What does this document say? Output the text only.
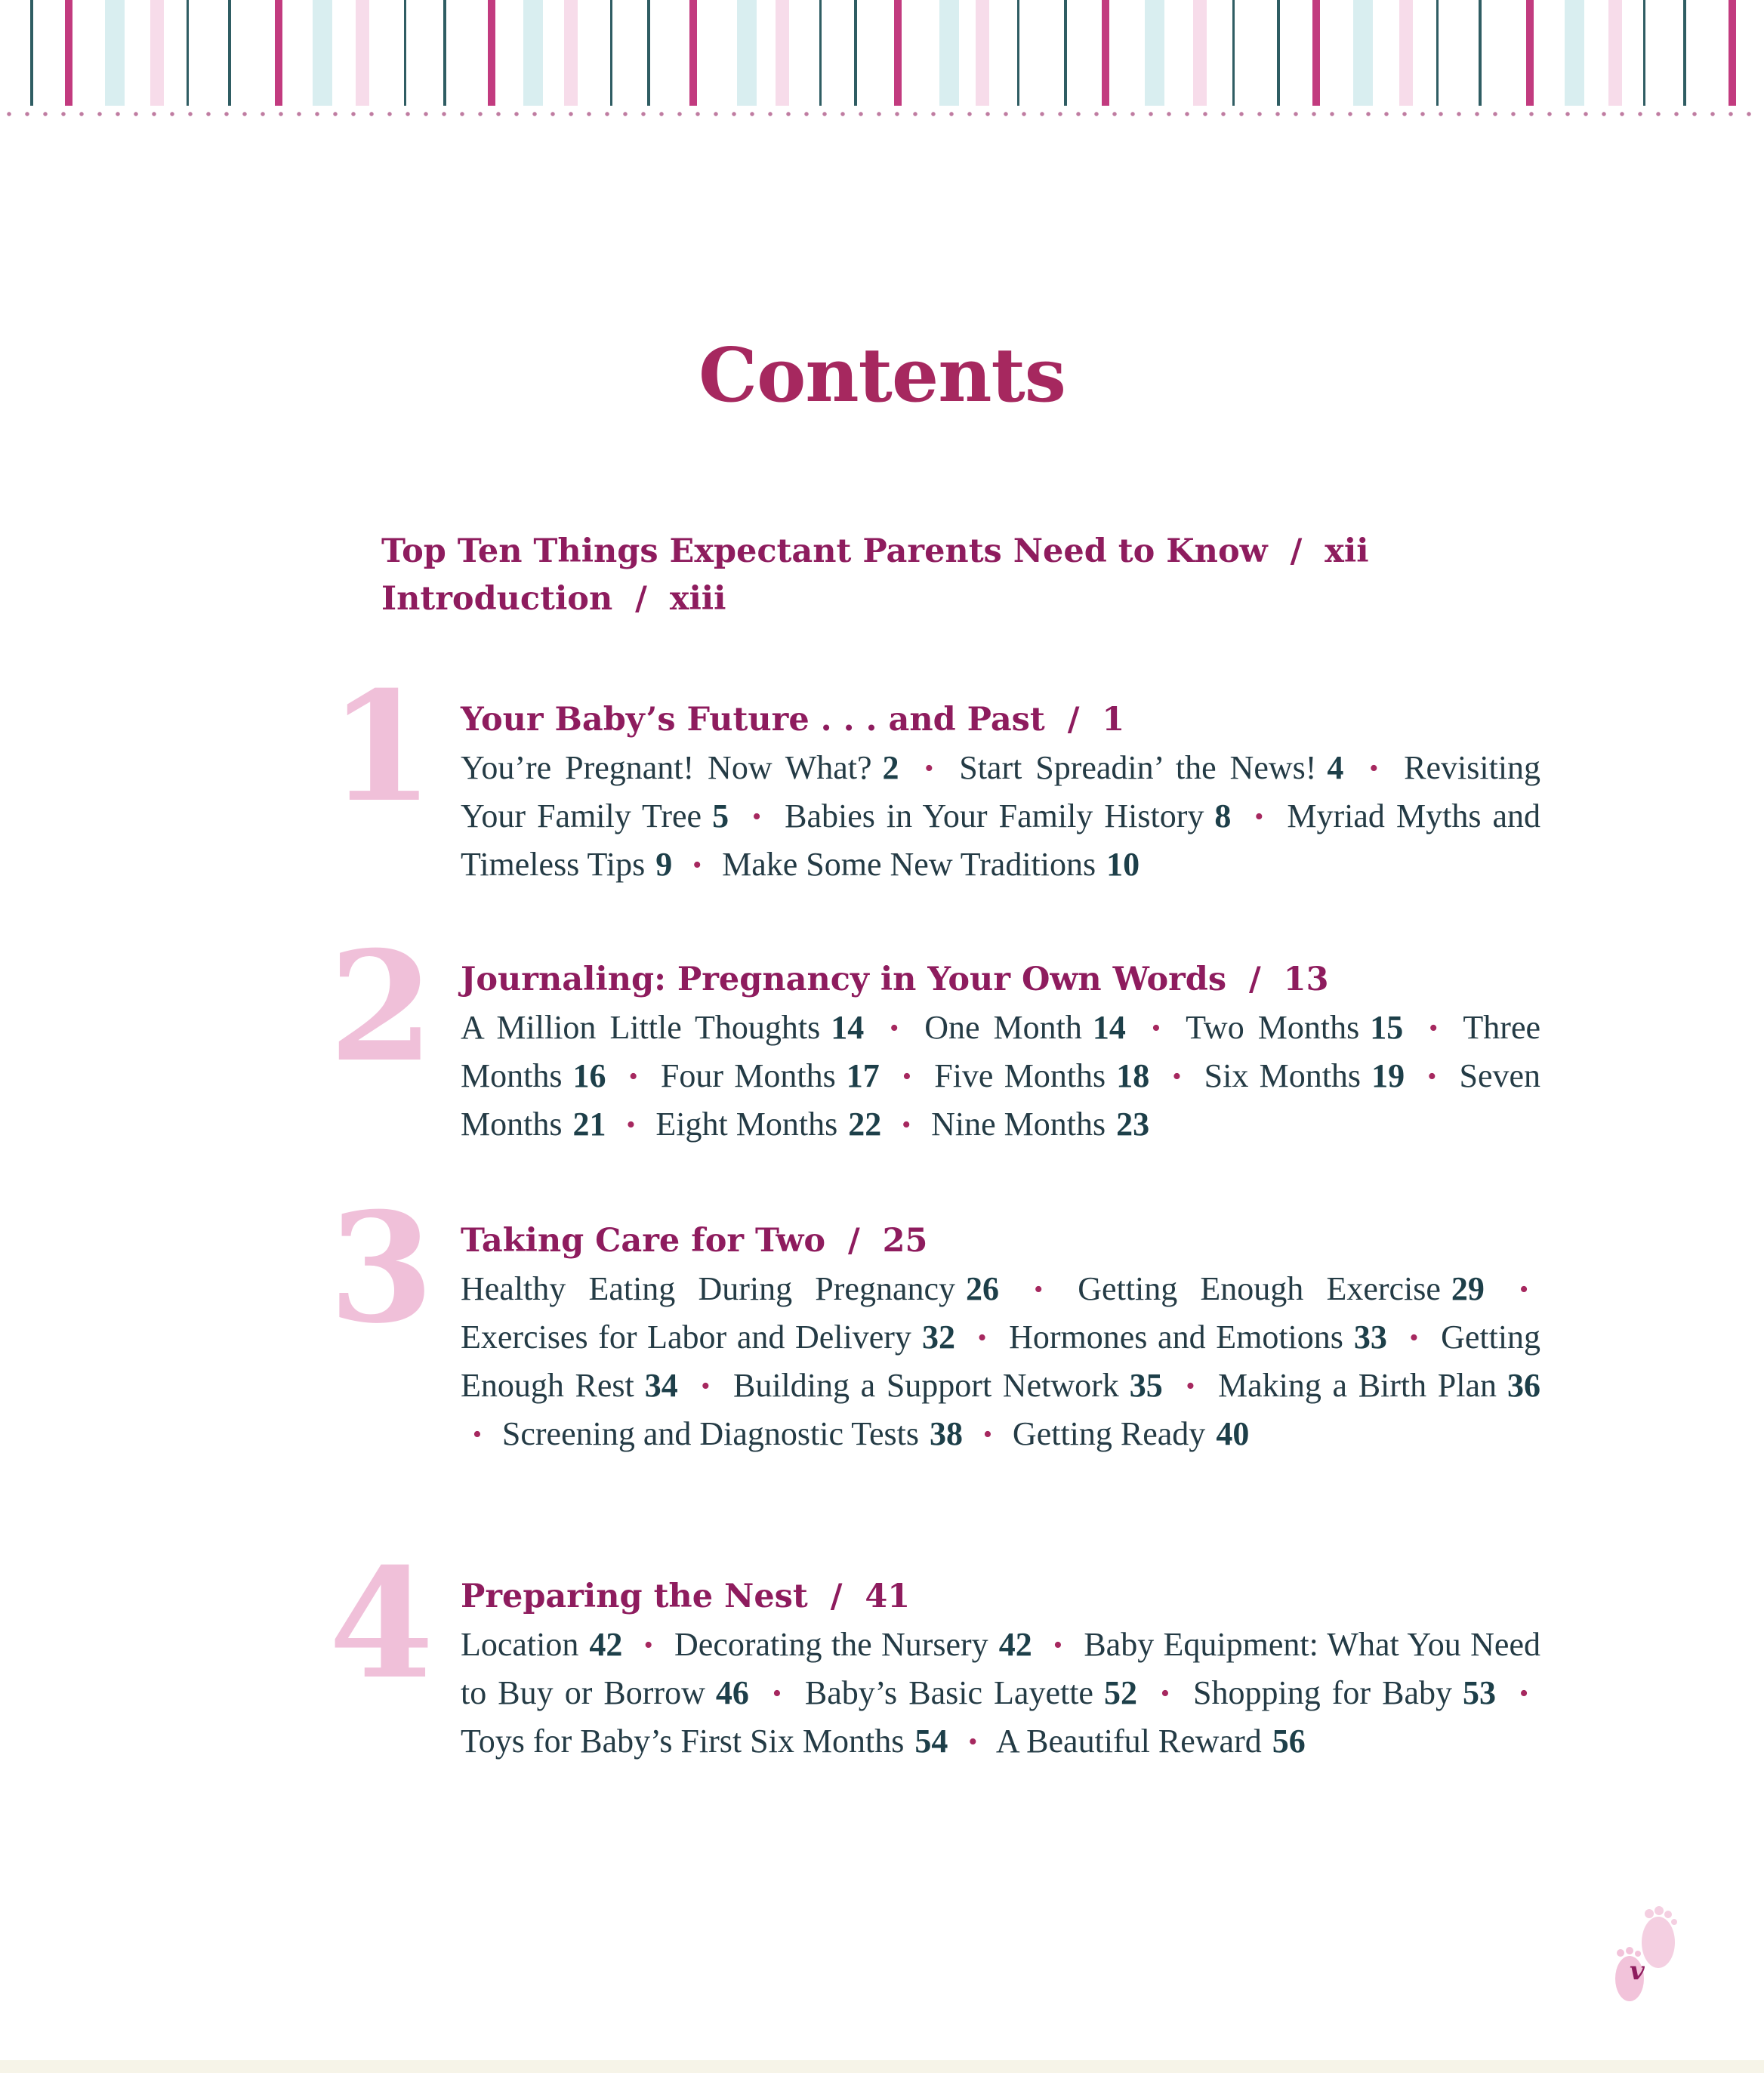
Contents
Top Ten Things Expectant Parents Need to Know  /  xii
Introduction  /  xiii
1 Your Baby’s Future . . . and Past  /  1
You’re Pregnant! Now What? 2 • Start Spreadin’ the News! 4 • Revisiting Your Family Tree 5 • Babies in Your Family History 8 • Myriad Myths and Timeless Tips 9 • Make Some New Traditions 10
2 Journaling: Pregnancy in Your Own Words  /  13
A Million Little Thoughts 14 • One Month 14 • Two Months 15 • Three Months 16 • Four Months 17 • Five Months 18 • Six Months 19 • Seven Months 21 • Eight Months 22 • Nine Months 23
3 Taking Care for Two  /  25
Healthy Eating During Pregnancy 26 • Getting Enough Exercise 29 • Exercises for Labor and Delivery 32 • Hormones and Emotions 33 • Getting Enough Rest 34 • Building a Support Network 35 • Making a Birth Plan 36 • Screening and Diagnostic Tests 38 • Getting Ready 40
4 Preparing the Nest  /  41
Location 42 • Decorating the Nursery 42 • Baby Equipment: What You Need to Buy or Borrow 46 • Baby’s Basic Layette 52 • Shopping for Baby 53 • Toys for Baby’s First Six Months 54 • A Beautiful Reward 56
v
